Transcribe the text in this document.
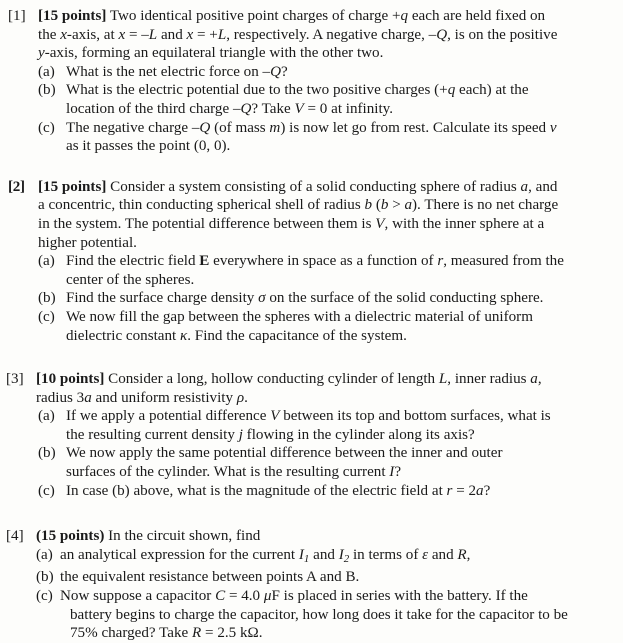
[1] [15 points] Two identical positive point charges of charge +q each are held fixed on
the x-axis, at x = –L and x = +L, respectively. A negative charge, –Q, is on the positive
y-axis, forming an equilateral triangle with the other two.
(a) What is the net electric force on –Q?
(b) What is the electric potential due to the two positive charges (+q each) at the
location of the third charge –Q? Take V = 0 at infinity.
(c) The negative charge –Q (of mass m) is now let go from rest. Calculate its speed v
as it passes the point (0, 0).
[2] [15 points] Consider a system consisting of a solid conducting sphere of radius a, and
a concentric, thin conducting spherical shell of radius b (b > a). There is no net charge
in the system. The potential difference between them is V, with the inner sphere at a
higher potential.
(a) Find the electric field E everywhere in space as a function of r, measured from the
center of the spheres.
(b) Find the surface charge density σ on the surface of the solid conducting sphere.
(c) We now fill the gap between the spheres with a dielectric material of uniform
dielectric constant κ. Find the capacitance of the system.
[3] [10 points] Consider a long, hollow conducting cylinder of length L, inner radius a,
radius 3a and uniform resistivity ρ.
(a) If we apply a potential difference V between its top and bottom surfaces, what is
the resulting current density j flowing in the cylinder along its axis?
(b) We now apply the same potential difference between the inner and outer
surfaces of the cylinder. What is the resulting current I?
(c) In case (b) above, what is the magnitude of the electric field at r = 2a?
[4] (15 points) In the circuit shown, find
(a) an analytical expression for the current $I_1$ and $I_2$ in terms of ε and R,
(b) the equivalent resistance between points A and B.
(c) Now suppose a capacitor C = 4.0 μF is placed in series with the battery. If the
battery begins to charge the capacitor, how long does it take for the capacitor to be
75% charged? Take R = 2.5 kΩ.
